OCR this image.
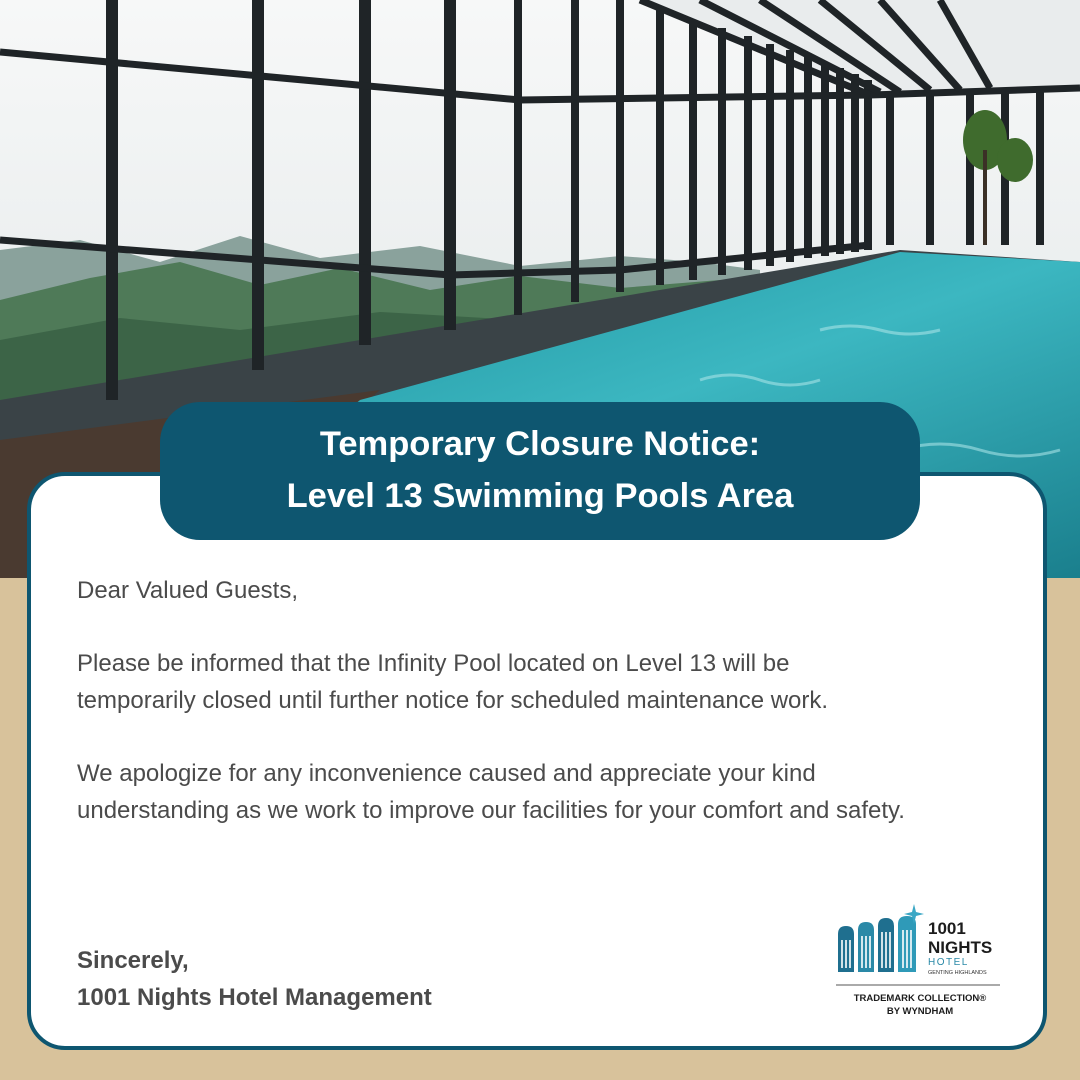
Temporary Closure Notice:
Level 13 Swimming Pools Area

Dear Valued Guests,

Please be informed that the Infinity Pool located on Level 13 will be

temporarily closed until further notice for scheduled maintenance work.

We apologize for any inconvenience caused and appreciate your kind

understanding as we work to improve our facilities for your comfort and safety.

Sincerely,
1001 Nights Hotel Management
1001
NIGHTS
HOTEL
GENTING HIGHLANDS
TRADEMARK COLLECTION®
BY WYNDHAM
